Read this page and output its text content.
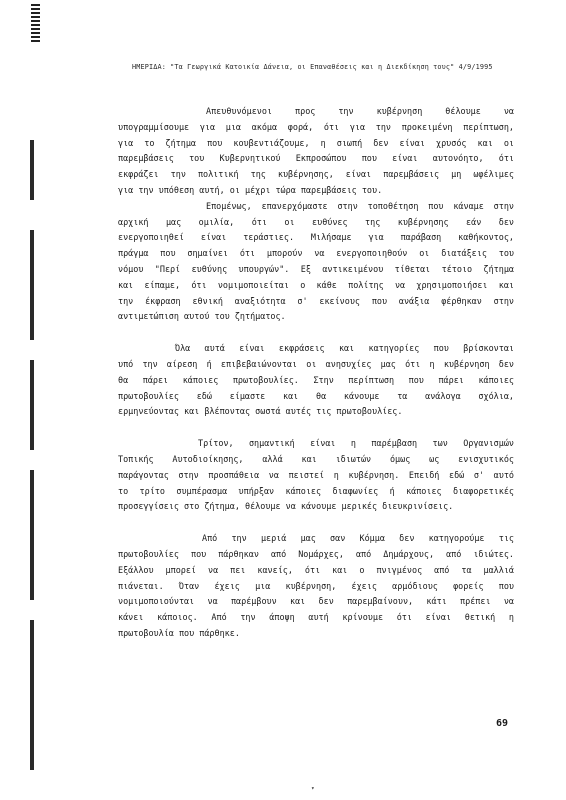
ΗΜΕΡΙΔΑ: "Τα Γεωργικά Κατοικία Δάνεια, οι Επαναθέσεις και η Διεκδίκηση τους" 4/9/1995

Απευθυνόμενοι προς την κυβέρνηση θέλουμε να
υπογραμμίσουμε για μια ακόμα φορά, ότι για την προκειμένη περίπτωση,
για το ζήτημα που κουβεντιάζουμε, η σιωπή δεν είναι χρυσός και οι
παρεμβάσεις του Κυβερνητικού Εκπροσώπου που είναι αυτονόητο, ότι
εκφράζει την πολιτική της κυβέρνησης, είναι παρεμβάσεις μη ωφέλιμες
για την υπόθεση αυτή, οι μέχρι τώρα παρεμβάσεις του.

Επομένως, επανερχόμαστε στην τοποθέτηση που κάναμε στην
αρχική μας ομιλία, ότι οι ευθύνες της κυβέρνησης εάν δεν
ενεργοποιηθεί είναι τεράστιες. Μιλήσαμε για παράβαση καθήκοντος,
πράγμα που σημαίνει ότι μπορούν να ενεργοποιηθούν οι διατάξεις του
νόμου "Περί ευθύνης υπουργών". Εξ αντικειμένου τίθεται τέτοιο ζήτημα
και είπαμε, ότι νομιμοποιείται ο κάθε πολίτης να χρησιμοποιήσει και
την έκφραση εθνική αναξιότητα σ' εκείνους που ανάξια φέρθηκαν στην
αντιμετώπιση αυτού του ζητήματος.

Όλα αυτά είναι εκφράσεις και κατηγορίες που βρίσκονται
υπό την αίρεση ή επιβεβαιώνονται οι ανησυχίες μας ότι η κυβέρνηση δεν
θα πάρει κάποιες πρωτοβουλίες. Στην περίπτωση που πάρει κάποιες
πρωτοβουλίες εδώ είμαστε και θα κάνουμε τα ανάλογα σχόλια,
ερμηνεύοντας και βλέποντας σωστά αυτές τις πρωτοβουλίες.

Τρίτον, σημαντική είναι η παρέμβαση των Οργανισμών
Τοπικής Αυτοδιοίκησης, αλλά και ιδιωτών όμως ως ενισχυτικός
παράγοντας στην προσπάθεια να πειστεί η κυβέρνηση. Επειδή εδώ σ' αυτό
το τρίτο συμπέρασμα υπήρξαν κάποιες διαφωνίες ή κάποιες διαφορετικές
προσεγγίσεις στο ζήτημα, θέλουμε να κάνουμε μερικές διευκρινίσεις.

Από την μεριά μας σαν Κόμμα δεν κατηγορούμε τις
πρωτοβουλίες που πάρθηκαν από Νομάρχες, από Δημάρχους, από ιδιώτες.
Εξάλλου μπορεί να πει κανείς, ότι και ο πνιγμένος από τα μαλλιά
πιάνεται. Όταν έχεις μια κυβέρνηση, έχεις αρμόδιους φορείς που
νομιμοποιούνται να παρέμβουν και δεν παρεμβαίνουν, κάτι πρέπει να
κάνει κάποιος. Από την άποψη αυτή κρίνουμε ότι είναι θετική η
πρωτοβουλία που πάρθηκε.

69
▾
